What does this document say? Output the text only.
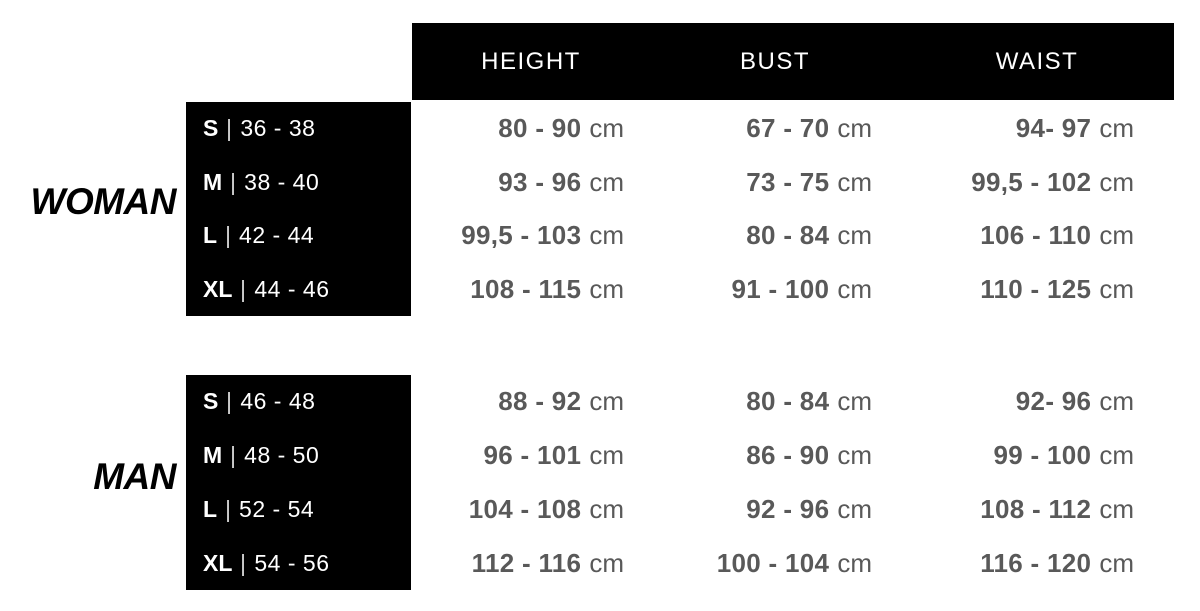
HEIGHT	BUST	WAIST
WOMAN
MAN
S | 36 - 38	80 - 90 cm	67 - 70 cm	94- 97 cm
M | 38 - 40	93 - 96 cm	73 - 75 cm	99,5 - 102 cm
L | 42 - 44	99,5 - 103 cm	80 - 84 cm	106 - 110 cm
XL | 44 - 46	108 - 115 cm	91 - 100 cm	110 - 125 cm
S | 46 - 48	88 - 92 cm	80 - 84 cm	92- 96 cm
M | 48 - 50	96 - 101 cm	86 - 90 cm	99 - 100 cm
L | 52 - 54	104 - 108 cm	92 - 96 cm	108 - 112 cm
XL | 54 - 56	112 - 116 cm	100 - 104 cm	116 - 120 cm
